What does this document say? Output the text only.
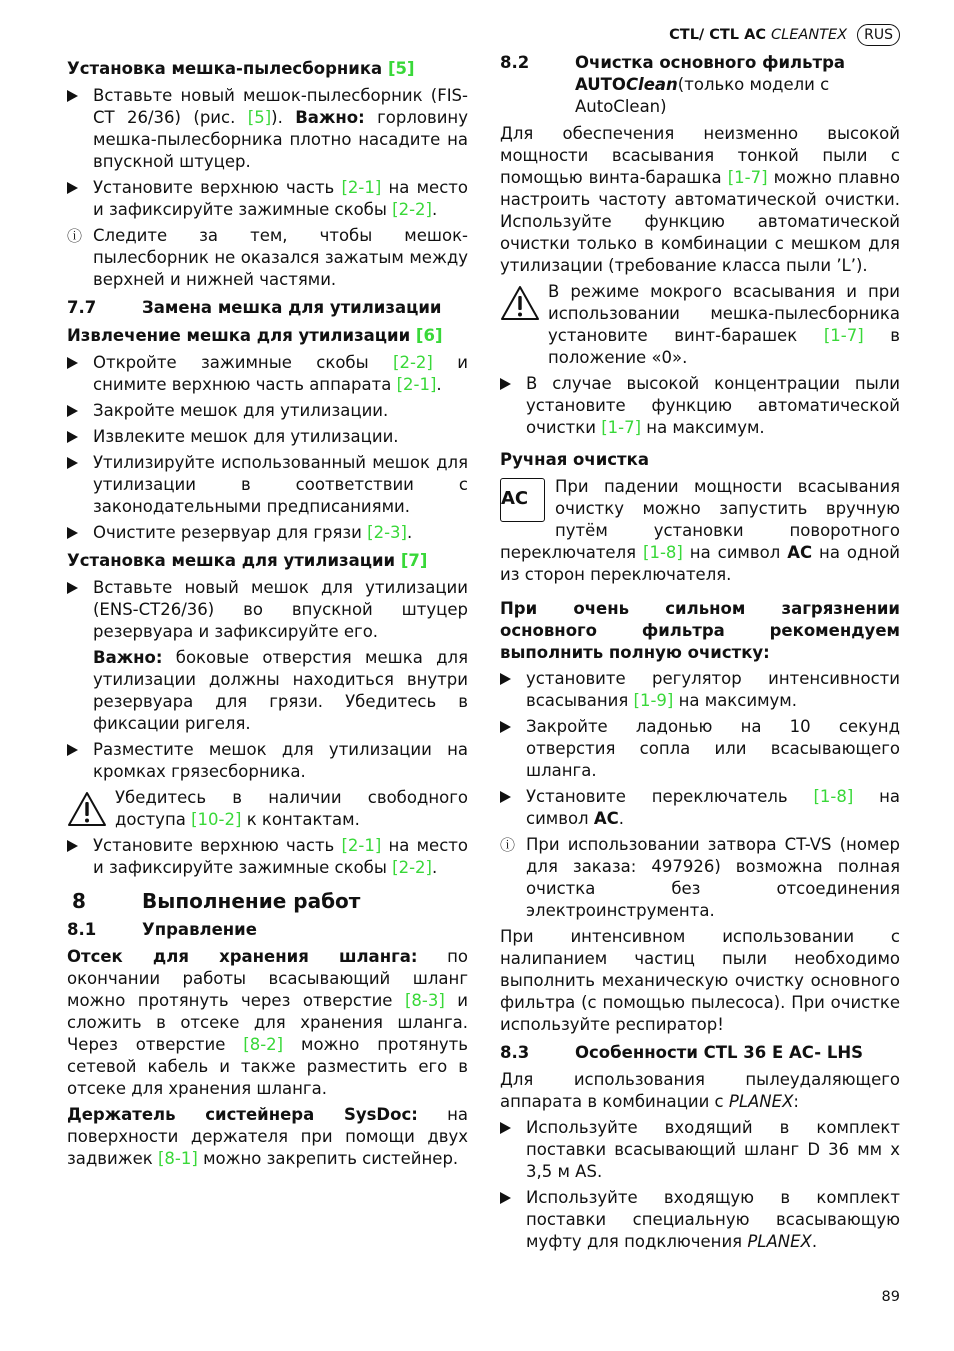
CTL/ CTL AC CLEANTEX	RUS
Установка мешка-пылесборника [5]
Вставьте новый мешок-пылесборник (FIS-CT 26/36) (рис. [5]). Важно: горловину мешка-пылесборника плотно насадите на впускной штуцер.
Установите верхнюю часть [2-1] на место и зафиксируйте зажимные скобы [2-2].
ⓘ Следите за тем, чтобы мешок-пылесборник не оказался зажатым между верхней и нижней частями.
7.7	Замена мешка для утилизации
Извлечение мешка для утилизации [6]
Откройте зажимные скобы [2-2] и снимите верхнюю часть аппарата [2-1].
Закройте мешок для утилизации.
Извлеките мешок для утилизации.
Утилизируйте использованный мешок для утилизации в соответствии с законодательными предписаниями.
Очистите резервуар для грязи [2-3].
Установка мешка для утилизации [7]
Вставьте новый мешок для утилизации (ENS-CT26/36) во впускной штуцер резервуара и зафиксируйте его.
Важно: боковые отверстия мешка для утилизации должны находиться внутри резервуара для грязи. Убедитесь в фиксации ригеля.
Разместите мешок для утилизации на кромках грязесборника.
Убедитесь в наличии свободного доступа [10-2] к контактам.
Установите верхнюю часть [2-1] на место и зафиксируйте зажимные скобы [2-2].
8	Выполнение работ
8.1	Управление

Отсек для хранения шланга: по окончании работы всасывающий шланг можно протянуть через отверстие [8-3] и сложить в отсеке для хранения шланга. Через отверстие [8-2] можно протянуть сетевой кабель и также разместить его в отсеке для хранения шланга.

Держатель систейнера SysDoc: на поверхности держателя при помощи двух задвижек [8-1] можно закрепить систейнер.

8.2	Очистка основного фильтра
AUTOClean(только модели с AutoClean)

Для обеспечения неизменно высокой мощности всасывания тонкой пыли с помощью винта-барашка [1-7] можно плавно настроить частоту автоматической очистки. Используйте функцию автоматической очистки только в комбинации с мешком для утилизации (требование класса пыли ’L’).

В режиме мокрого всасывания и при использовании мешка-пылесборника установите винт-барашек [1-7] в положение «0».
В случае высокой концентрации пыли установите функцию автоматической очистки [1-7] на максимум.
Ручная очистка

AC
При падении мощности всасывания очистку можно запустить вручную путём установки поворотного переключателя [1-8] на символ AC на одной из сторон переключателя.

При очень сильном загрязнении основного фильтра рекомендуем выполнить полную очистку:

установите регулятор интенсивности всасывания [1-9] на максимум.
Закройте ладонью на 10 секунд отверстия сопла или всасывающего шланга.
Установите переключатель [1-8] на символ AC.
ⓘ При использовании затвора CT-VS (номер для заказа: 497926) возможна полная очистка без отсоединения электроинструмента.

При интенсивном использовании с налипанием частиц пыли необходимо выполнить механическую очистку основного фильтра (с помощью пылесоса). При очистке используйте респиратор!

8.3	Особенности CTL 36 E AC- LHS

Для использования пылеудаляющего аппарата в комбинации с PLANEX:

Используйте входящий в комплект поставки всасывающий шланг D 36 мм х 3,5 м AS.
Используйте входящую в комплект поставки специальную всасывающую муфту для подключения PLANEX.
89
